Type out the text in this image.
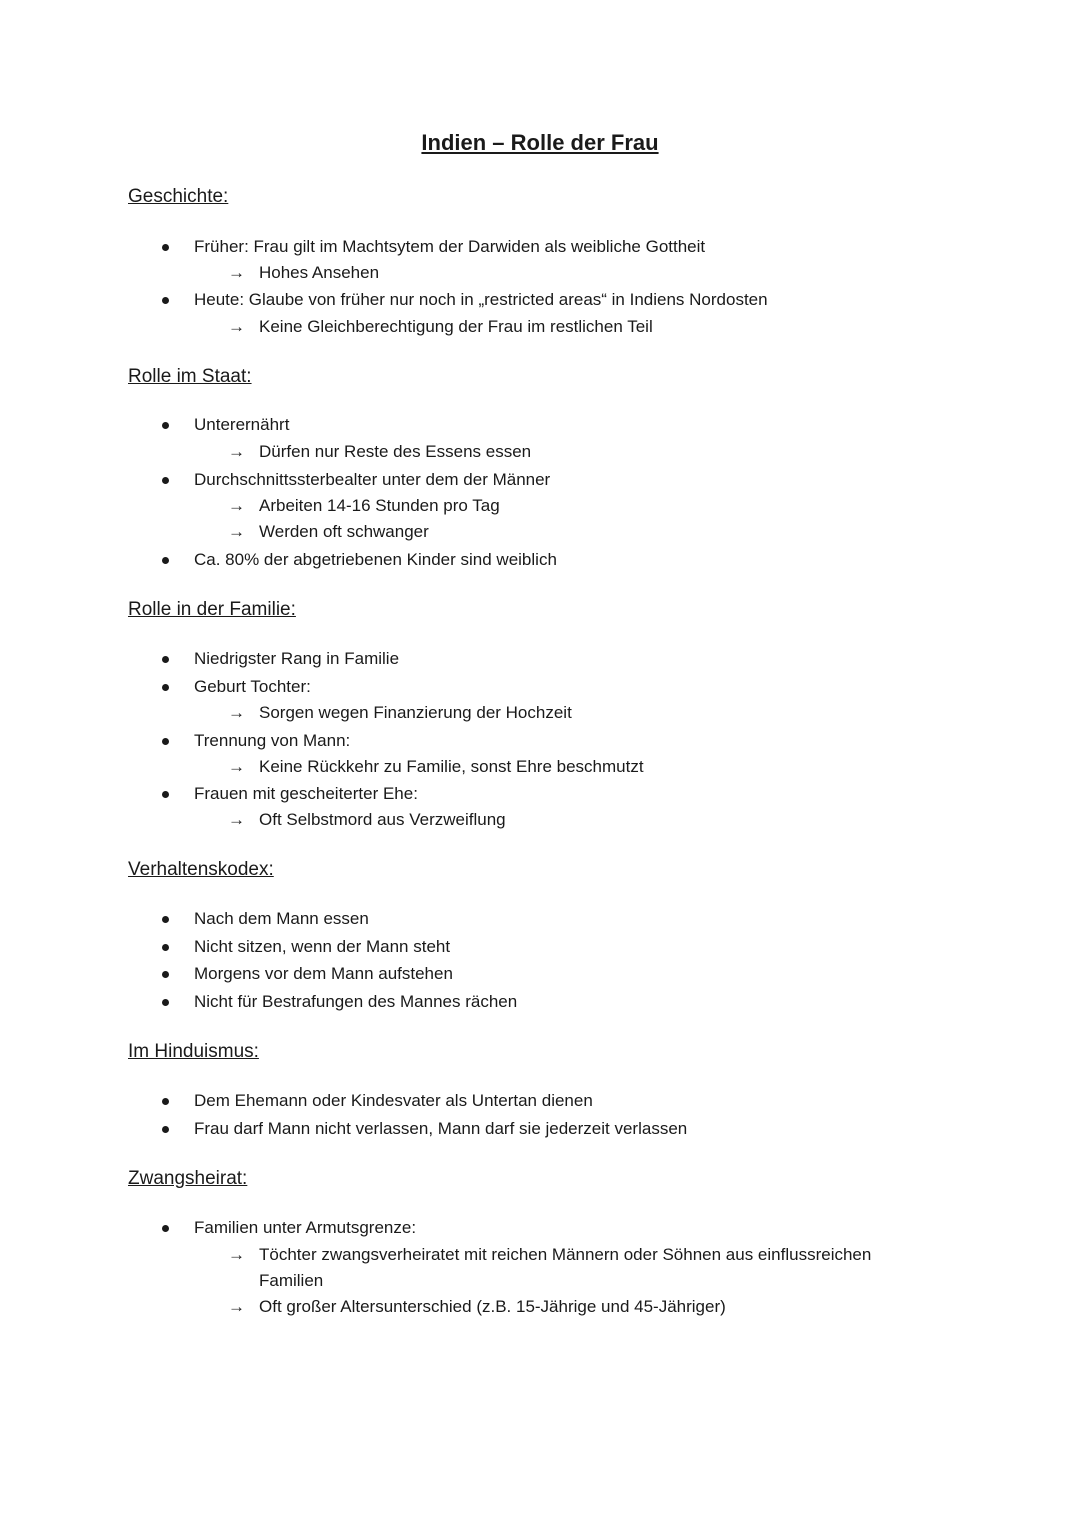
Indien – Rolle der Frau
Geschichte:
Früher: Frau gilt im Machtsytem der Darwiden als weibliche Gottheit
→ Hohes Ansehen
Heute: Glaube von früher nur noch in „restricted areas“ in Indiens Nordosten
→ Keine Gleichberechtigung der Frau im restlichen Teil
Rolle im Staat:
Unterernährt
→ Dürfen nur Reste des Essens essen
Durchschnittssterbealter unter dem der Männer
→ Arbeiten 14-16 Stunden pro Tag
→ Werden oft schwanger
Ca. 80% der abgetriebenen Kinder sind weiblich
Rolle in der Familie:
Niedrigster Rang in Familie
Geburt Tochter:
→ Sorgen wegen Finanzierung der Hochzeit
Trennung von Mann:
→ Keine Rückkehr zu Familie, sonst Ehre beschmutzt
Frauen mit gescheiterter Ehe:
→ Oft Selbstmord aus Verzweiflung
Verhaltenskodex:
Nach dem Mann essen
Nicht sitzen, wenn der Mann steht
Morgens vor dem Mann aufstehen
Nicht für Bestrafungen des Mannes rächen
Im Hinduismus:
Dem Ehemann oder Kindesvater als Untertan dienen
Frau darf Mann nicht verlassen, Mann darf sie jederzeit verlassen
Zwangsheirat:
Familien unter Armutsgrenze:
→ Töchter zwangsverheiratet mit reichen Männern oder Söhnen aus einflussreichen
Familien
→ Oft großer Altersunterschied (z.B. 15-Jährige und 45-Jähriger)
